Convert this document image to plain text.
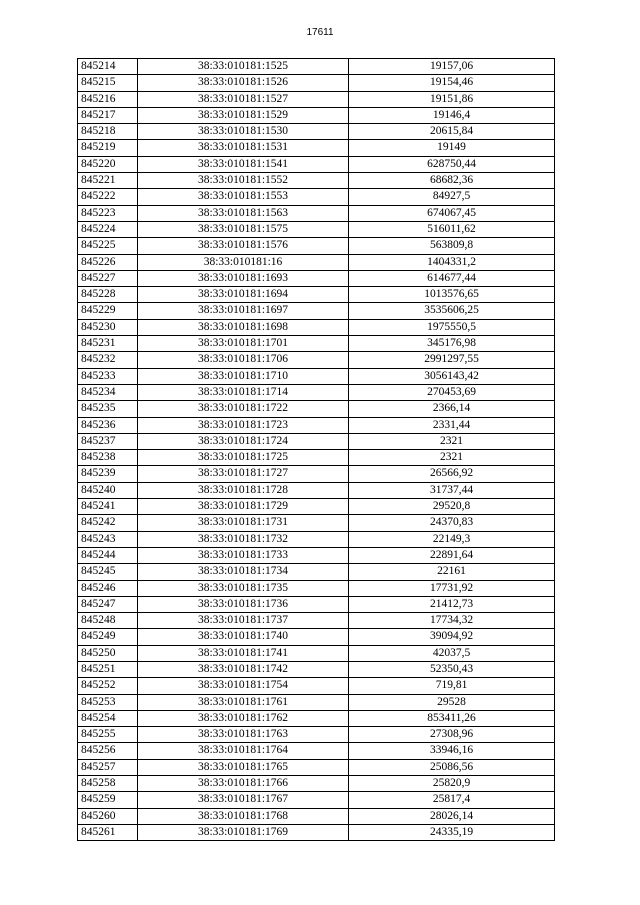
17611
845214	38:33:010181:1525	19157,06
845215	38:33:010181:1526	19154,46
845216	38:33:010181:1527	19151,86
845217	38:33:010181:1529	19146,4
845218	38:33:010181:1530	20615,84
845219	38:33:010181:1531	19149
845220	38:33:010181:1541	628750,44
845221	38:33:010181:1552	68682,36
845222	38:33:010181:1553	84927,5
845223	38:33:010181:1563	674067,45
845224	38:33:010181:1575	516011,62
845225	38:33:010181:1576	563809,8
845226	38:33:010181:16	1404331,2
845227	38:33:010181:1693	614677,44
845228	38:33:010181:1694	1013576,65
845229	38:33:010181:1697	3535606,25
845230	38:33:010181:1698	1975550,5
845231	38:33:010181:1701	345176,98
845232	38:33:010181:1706	2991297,55
845233	38:33:010181:1710	3056143,42
845234	38:33:010181:1714	270453,69
845235	38:33:010181:1722	2366,14
845236	38:33:010181:1723	2331,44
845237	38:33:010181:1724	2321
845238	38:33:010181:1725	2321
845239	38:33:010181:1727	26566,92
845240	38:33:010181:1728	31737,44
845241	38:33:010181:1729	29520,8
845242	38:33:010181:1731	24370,83
845243	38:33:010181:1732	22149,3
845244	38:33:010181:1733	22891,64
845245	38:33:010181:1734	22161
845246	38:33:010181:1735	17731,92
845247	38:33:010181:1736	21412,73
845248	38:33:010181:1737	17734,32
845249	38:33:010181:1740	39094,92
845250	38:33:010181:1741	42037,5
845251	38:33:010181:1742	52350,43
845252	38:33:010181:1754	719,81
845253	38:33:010181:1761	29528
845254	38:33:010181:1762	853411,26
845255	38:33:010181:1763	27308,96
845256	38:33:010181:1764	33946,16
845257	38:33:010181:1765	25086,56
845258	38:33:010181:1766	25820,9
845259	38:33:010181:1767	25817,4
845260	38:33:010181:1768	28026,14
845261	38:33:010181:1769	24335,19
